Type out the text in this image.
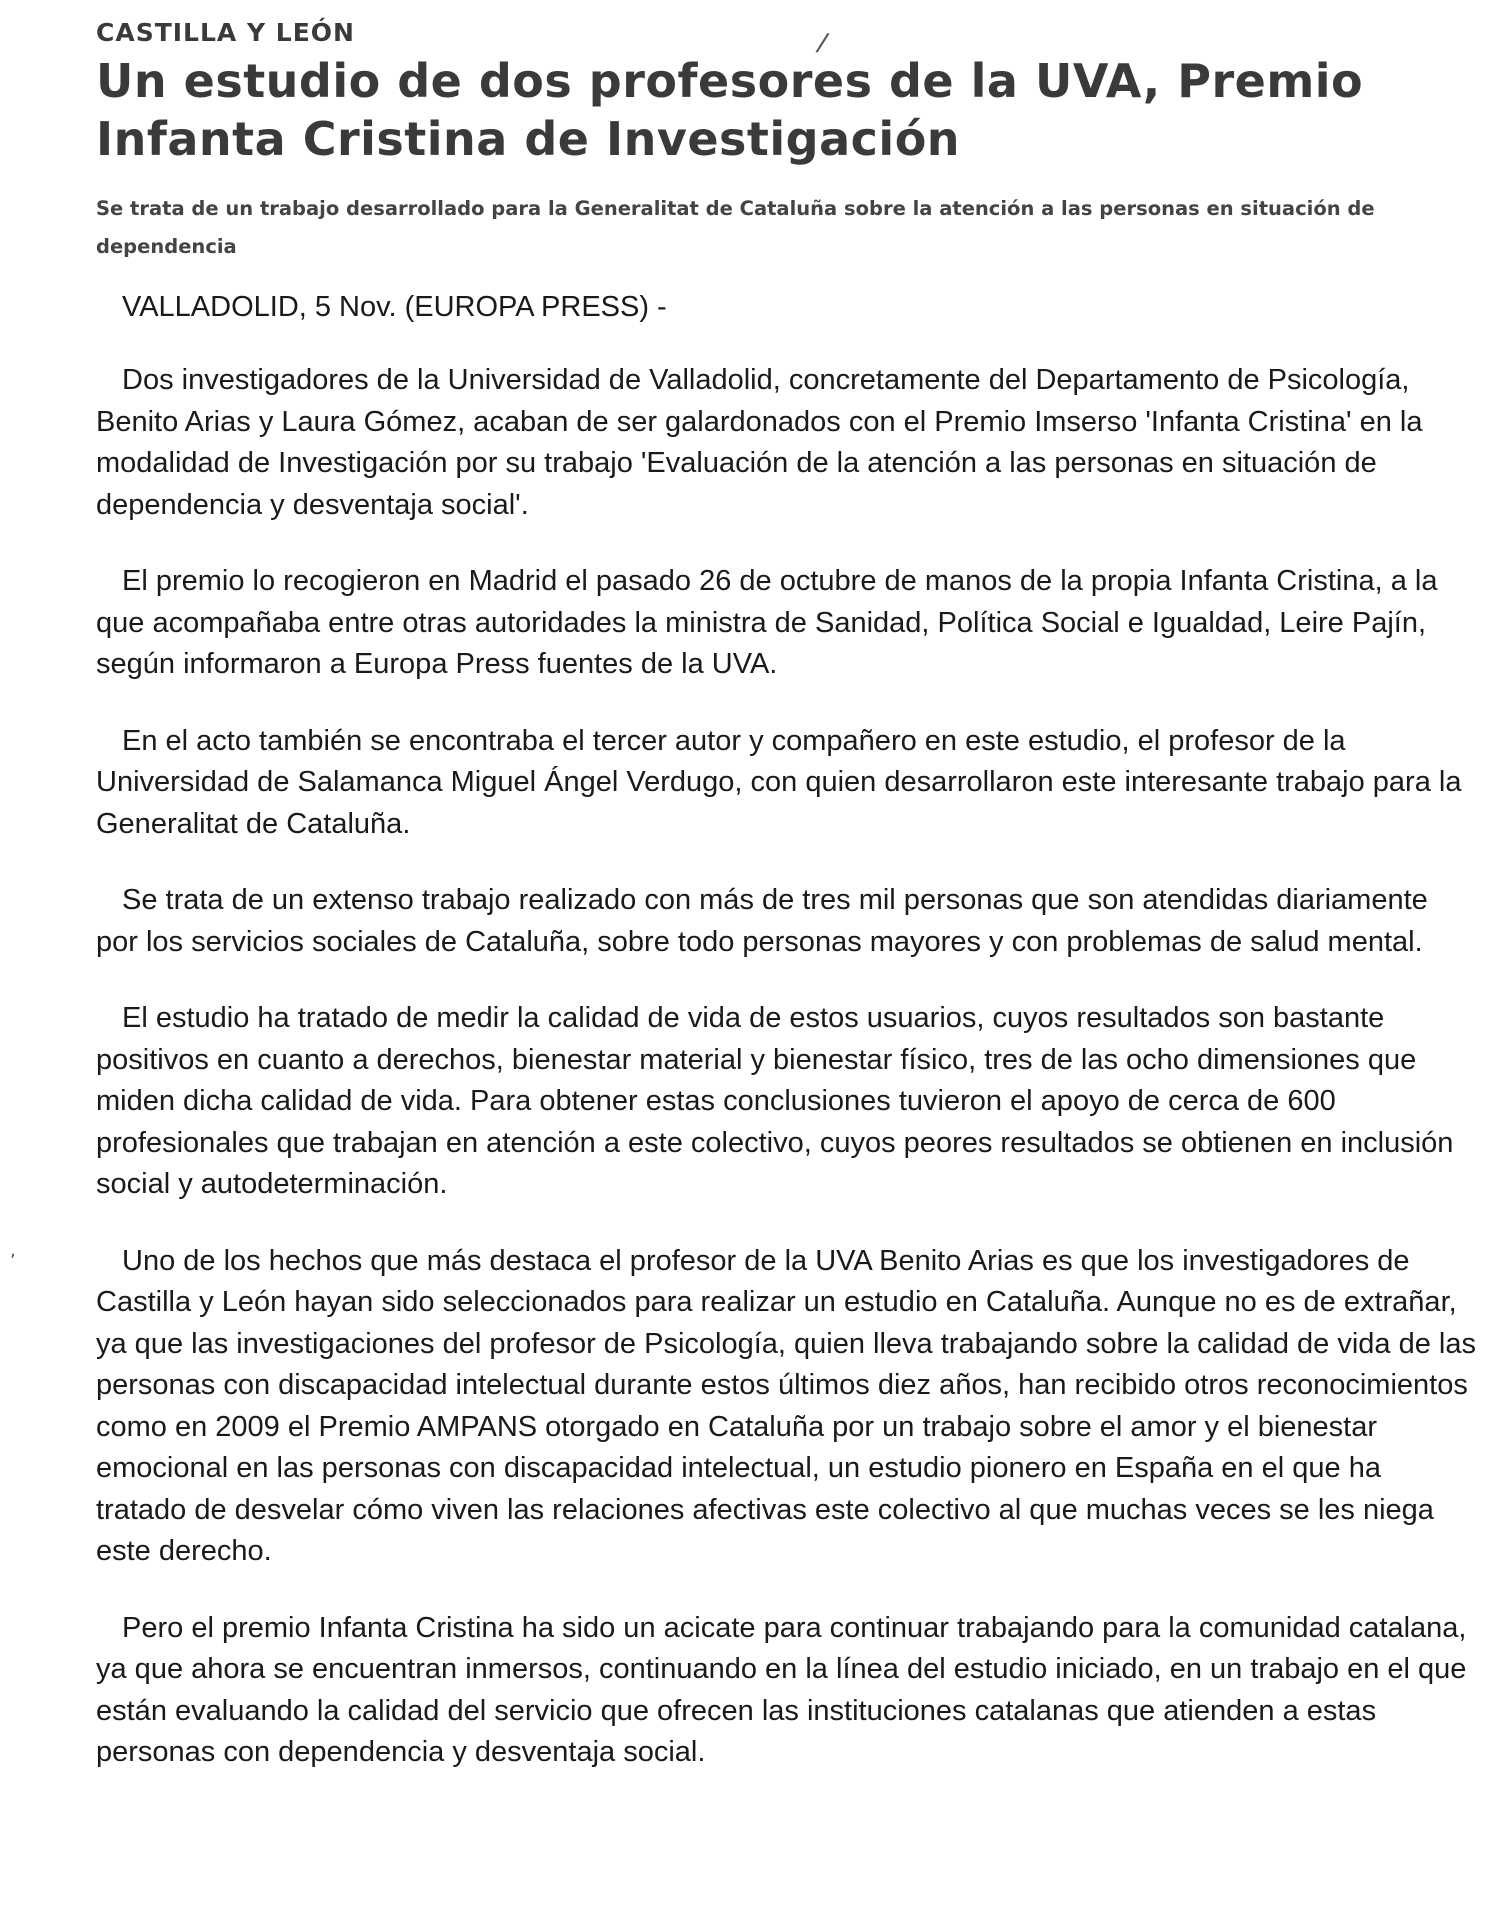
CASTILLA Y LEÓN
Un estudio de dos profesores de la UVA, Premio Infanta Cristina de Investigación

Se trata de un trabajo desarrollado para la Generalitat de Cataluña sobre la atención a las personas en situación de dependencia

VALLADOLID, 5 Nov. (EUROPA PRESS) -

Dos investigadores de la Universidad de Valladolid, concretamente del Departamento de Psicología, Benito Arias y Laura Gómez, acaban de ser galardonados con el Premio Imserso 'Infanta Cristina' en la modalidad de Investigación por su trabajo 'Evaluación de la atención a las personas en situación de dependencia y desventaja social'.

El premio lo recogieron en Madrid el pasado 26 de octubre de manos de la propia Infanta Cristina, a la que acompañaba entre otras autoridades la ministra de Sanidad, Política Social e Igualdad, Leire Pajín, según informaron a Europa Press fuentes de la UVA.

En el acto también se encontraba el tercer autor y compañero en este estudio, el profesor de la Universidad de Salamanca Miguel Ángel Verdugo, con quien desarrollaron este interesante trabajo para la Generalitat de Cataluña.

Se trata de un extenso trabajo realizado con más de tres mil personas que son atendidas diariamente por los servicios sociales de Cataluña, sobre todo personas mayores y con problemas de salud mental.

El estudio ha tratado de medir la calidad de vida de estos usuarios, cuyos resultados son bastante positivos en cuanto a derechos, bienestar material y bienestar físico, tres de las ocho dimensiones que miden dicha calidad de vida. Para obtener estas conclusiones tuvieron el apoyo de cerca de 600 profesionales que trabajan en atención a este colectivo, cuyos peores resultados se obtienen en inclusión social y autodeterminación.

Uno de los hechos que más destaca el profesor de la UVA Benito Arias es que los investigadores de Castilla y León hayan sido seleccionados para realizar un estudio en Cataluña. Aunque no es de extrañar, ya que las investigaciones del profesor de Psicología, quien lleva trabajando sobre la calidad de vida de las personas con discapacidad intelectual durante estos últimos diez años, han recibido otros reconocimientos como en 2009 el Premio AMPANS otorgado en Cataluña por un trabajo sobre el amor y el bienestar emocional en las personas con discapacidad intelectual, un estudio pionero en España en el que ha tratado de desvelar cómo viven las relaciones afectivas este colectivo al que muchas veces se les niega este derecho.

Pero el premio Infanta Cristina ha sido un acicate para continuar trabajando para la comunidad catalana, ya que ahora se encuentran inmersos, continuando en la línea del estudio iniciado, en un trabajo en el que están evaluando la calidad del servicio que ofrecen las instituciones catalanas que atienden a estas personas con dependencia y desventaja social.

/
,
